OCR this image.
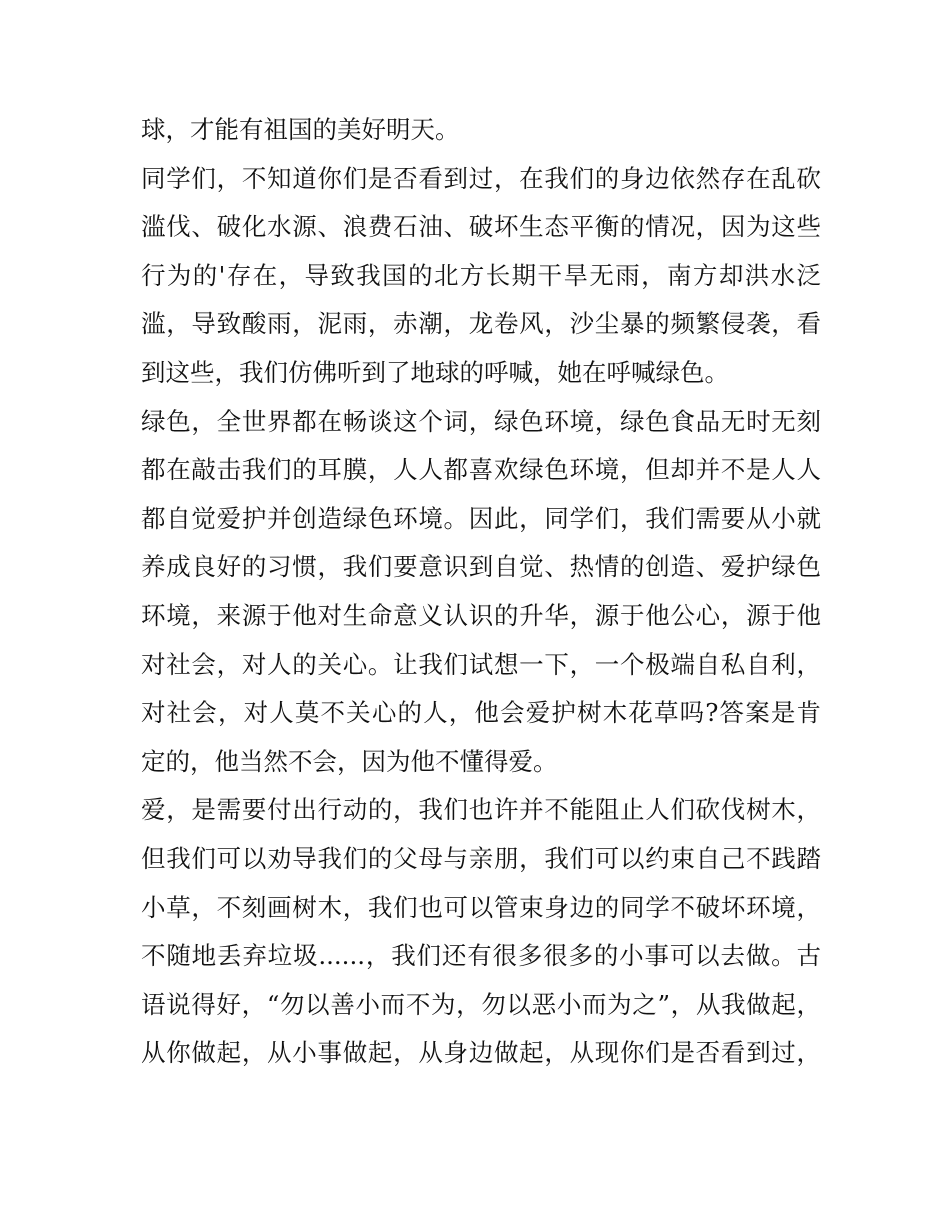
球，才能有祖国的美好明天。
同学们，不知道你们是否看到过，在我们的身边依然存在乱砍
滥伐、破化水源、浪费石油、破坏生态平衡的情况，因为这些
行为的'存在，导致我国的北方长期干旱无雨，南方却洪水泛
滥，导致酸雨，泥雨，赤潮，龙卷风，沙尘暴的频繁侵袭，看
到这些，我们仿佛听到了地球的呼喊，她在呼喊绿色。
绿色，全世界都在畅谈这个词，绿色环境，绿色食品无时无刻
都在敲击我们的耳膜，人人都喜欢绿色环境，但却并不是人人
都自觉爱护并创造绿色环境。因此，同学们，我们需要从小就
养成良好的习惯，我们要意识到自觉、热情的创造、爱护绿色
环境，来源于他对生命意义认识的升华，源于他公心，源于他
对社会，对人的关心。让我们试想一下，一个极端自私自利，
对社会，对人莫不关心的人，他会爱护树木花草吗?答案是肯
定的，他当然不会，因为他不懂得爱。
爱，是需要付出行动的，我们也许并不能阻止人们砍伐树木，
但我们可以劝导我们的父母与亲朋，我们可以约束自己不践踏
小草，不刻画树木，我们也可以管束身边的同学不破坏环境，
不随地丢弃垃圾......，我们还有很多很多的小事可以去做。古
语说得好，“勿以善小而不为，勿以恶小而为之”，从我做起，
从你做起，从小事做起，从身边做起，从现你们是否看到过，
